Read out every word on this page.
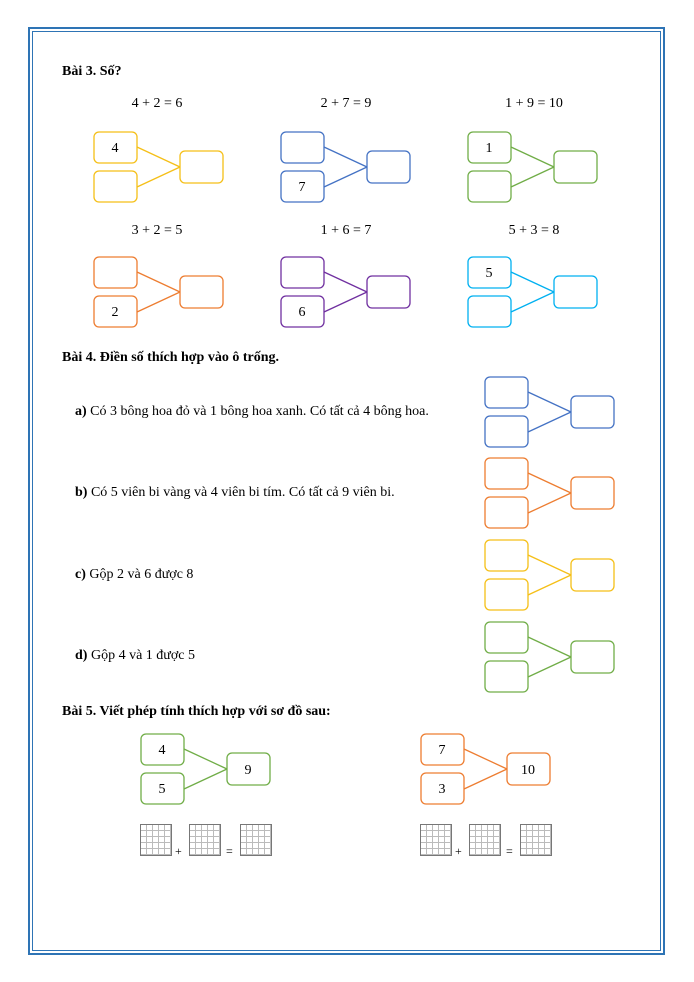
Bài 3. Số?
4 + 2 = 6	2 + 7 = 9	1 + 9 = 10
3 + 2 = 5	1 + 6 = 7	5 + 3 = 8
4
7
1
2	6
5
Bài 4. Điền số thích hợp vào ô trống.
a) Có 3 bông hoa đỏ và 1 bông hoa xanh. Có tất cả 4 bông hoa.
b) Có 5 viên bi vàng và 4 viên bi tím. Có tất cả 9 viên bi.
c) Gộp 2 và 6 được 8
d) Gộp 4 và 1 được 5
Bài 5. Viết phép tính thích hợp với sơ đồ sau:
4
5
9
7
3
10
+	=	+	=
